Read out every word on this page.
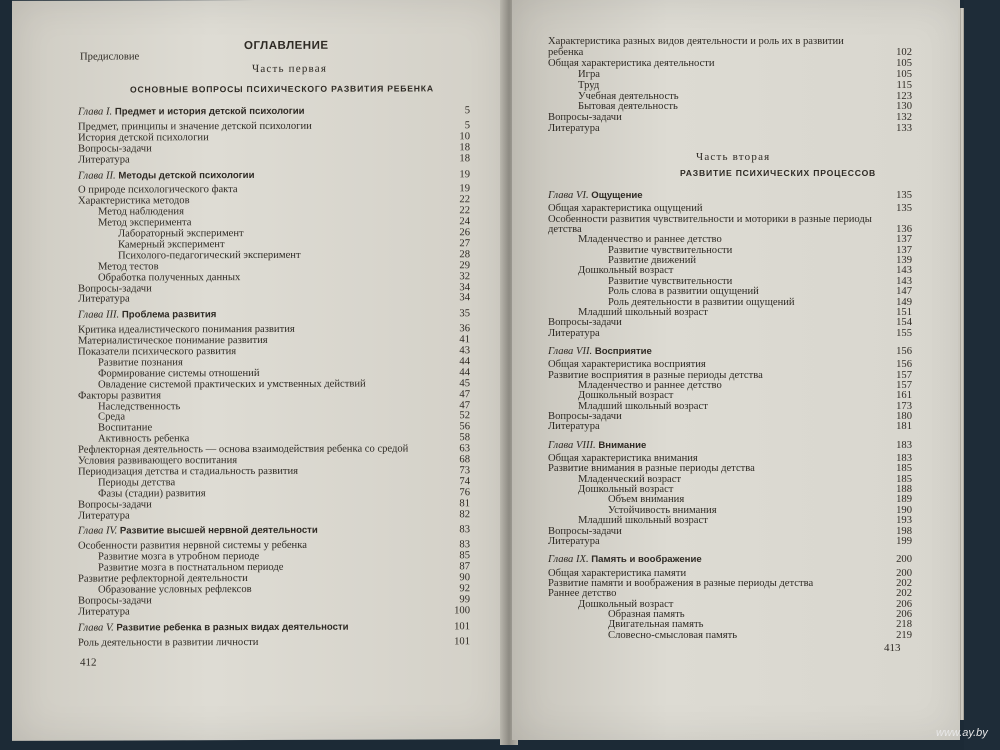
ОГЛАВЛЕНИЕ
Предисловие
Часть первая
ОСНОВНЫЕ ВОПРОСЫ ПСИХИЧЕСКОГО РАЗВИТИЯ РЕБЕНКА
Глава I. Предмет и история детской психологии	5
Предмет, принципы и значение детской психологии	5
История детской психологии	10
Вопросы-задачи	18
Литература	18
Глава II. Методы детской психологии	19
О природе психологического факта	19
Характеристика методов	22
Метод наблюдения	22
Метод эксперимента	24
Лабораторный эксперимент	26
Камерный эксперимент	27
Психолого-педагогический эксперимент	28
Метод тестов	29
Обработка полученных данных	32
Вопросы-задачи	34
Литература	34
Глава III. Проблема развития	35
Критика идеалистического понимания развития	36
Материалистическое понимание развития	41
Показатели психического развития	43
Развитие познания	44
Формирование системы отношений	44
Овладение системой практических и умственных действий	45
Факторы развития	47
Наследственность	47
Среда	52
Воспитание	56
Активность ребенка	58
Рефлекторная деятельность — основа взаимодействия ребенка со средой	63
Условия развивающего воспитания	68
Периодизация детства и стадиальность развития	73
Периоды детства	74
Фазы (стадии) развития	76
Вопросы-задачи	81
Литература	82
Глава IV. Развитие высшей нервной деятельности	83
Особенности развития нервной системы у ребенка	83
Развитие мозга в утробном периоде	85
Развитие мозга в постнатальном периоде	87
Развитие рефлекторной деятельности	90
Образование условных рефлексов	92
Вопросы-задачи	99
Литература	100
Глава V. Развитие ребенка в разных видах деятельности	101
Роль деятельности в развитии личности	101
412
Характеристика разных видов деятельности и роль их в развитии
ребенка	102
Общая характеристика деятельности	105
Игра	105
Труд	115
Учебная деятельность	123
Бытовая деятельность	130
Вопросы-задачи	132
Литература	133
Часть вторая
РАЗВИТИЕ ПСИХИЧЕСКИХ ПРОЦЕССОВ
Глава VI. Ощущение	135
Общая характеристика ощущений	135
Особенности развития чувствительности и моторики в разные периоды
детства	136
Младенчество и раннее детство	137
Развитие чувствительности	137
Развитие движений	139
Дошкольный возраст	143
Развитие чувствительности	143
Роль слова в развитии ощущений	147
Роль деятельности в развитии ощущений	149
Младший школьный возраст	151
Вопросы-задачи	154
Литература	155
Глава VII. Восприятие	156
Общая характеристика восприятия	156
Развитие восприятия в разные периоды детства	157
Младенчество и раннее детство	157
Дошкольный возраст	161
Младший школьный возраст	173
Вопросы-задачи	180
Литература	181
Глава VIII. Внимание	183
Общая характеристика внимания	183
Развитие внимания в разные периоды детства	185
Младенческий возраст	185
Дошкольный возраст	188
Объем внимания	189
Устойчивость внимания	190
Младший школьный возраст	193
Вопросы-задачи	198
Литература	199
Глава IX. Память и воображение	200
Общая характеристика памяти	200
Развитие памяти и воображения в разные периоды детства	202
Раннее детство	202
Дошкольный возраст	206
Образная память	206
Двигательная память	218
Словесно-смысловая память	219
413
www.ay.by
